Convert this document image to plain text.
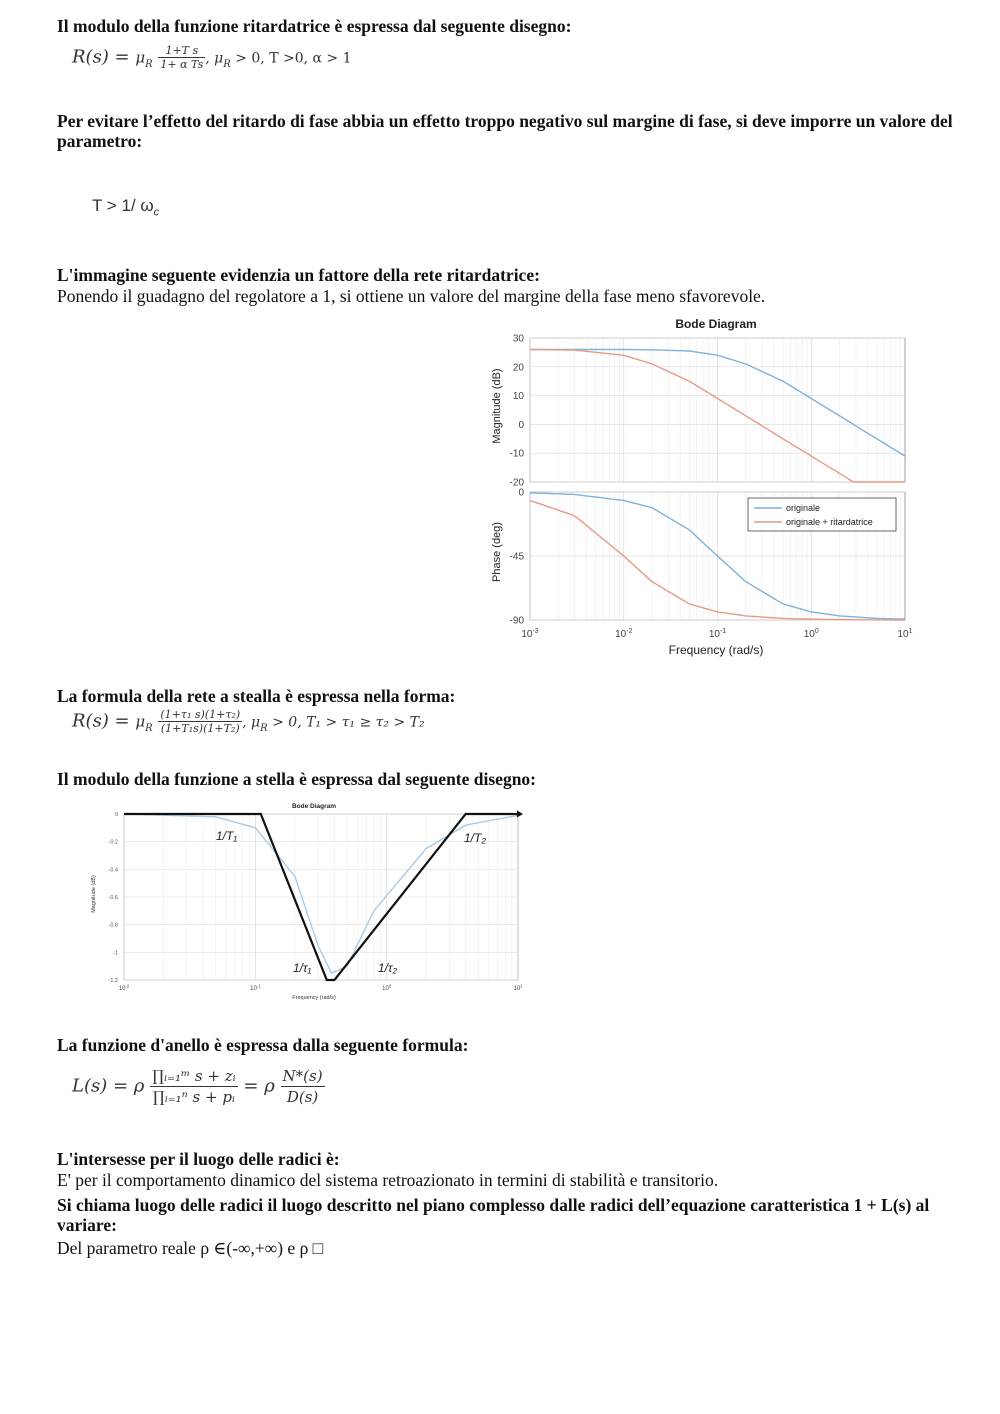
Il modulo della funzione ritardatrice è espressa dal seguente disegno:
$R(s) = \mu_R \frac{\text{1+T s}}{\text{1+ α Ts}}$ , $\mu_R > 0$, T >0, α > 1
Per evitare l’effetto del ritardo di fase abbia un effetto troppo negativo sul margine di fase, si deve imporre un valore del parametro:
T > 1/ $\omega_c$
L'immagine seguente evidenzia un fattore della rete ritardatrice:
Ponendo il guadagno del regolatore a 1, si ottiene un valore del margine della fase meno sfavorevole.
Bode Diagram
30
20
10
0
-10
-20
0
-45
-90
$10^{-3}$	$10^{-2}$	$10^{-1}$	$10^0$	$10^1$
Magnitude (dB)
Phase (deg)
Frequency (rad/s)
originale
originale + ritardatrice
La formula della rete a stealla è espressa nella forma:
$R(s) = \mu_R \frac{\text{(1+τ₁ s)(1+τ₂)}}{\text{(1+T₁s)(1+T₂)}}$ , $\mu_R > 0$, T₁ > τ₁ ≥ τ₂ > T₂
Il modulo della funzione a stella è espressa dal seguente disegno:
Bode Diagram
0
-0.2
-0.4
-0.6
-0.8
-1
-1.2
$10^{-2}$	$10^{-1}$	$10^0$	$10^1$
Magnitude (dB)
Frequency (rad/s)
1/T₁
1/τ₁	1/τ₂
1/T₂
La funzione d'anello è espressa dalla seguente formula:
L(s) = ρ $\frac{\text{∏ᵢ₌₁ᵐ s + zᵢ}}{\text{∏ᵢ₌₁ⁿ s + pᵢ}} = \rho \frac{N*(s)}{D(s)}$
L'intersesse per il luogo delle radici è:
E' per il comportamento dinamico del sistema retroazionato in termini di stabilità e transitorio.
Si chiama luogo delle radici il luogo descritto nel piano complesso dalle radici dell’equazione caratteristica 1 + L(s) al variare:
Del parametro reale ρ ∈(-∞,+∞) e ρ □
